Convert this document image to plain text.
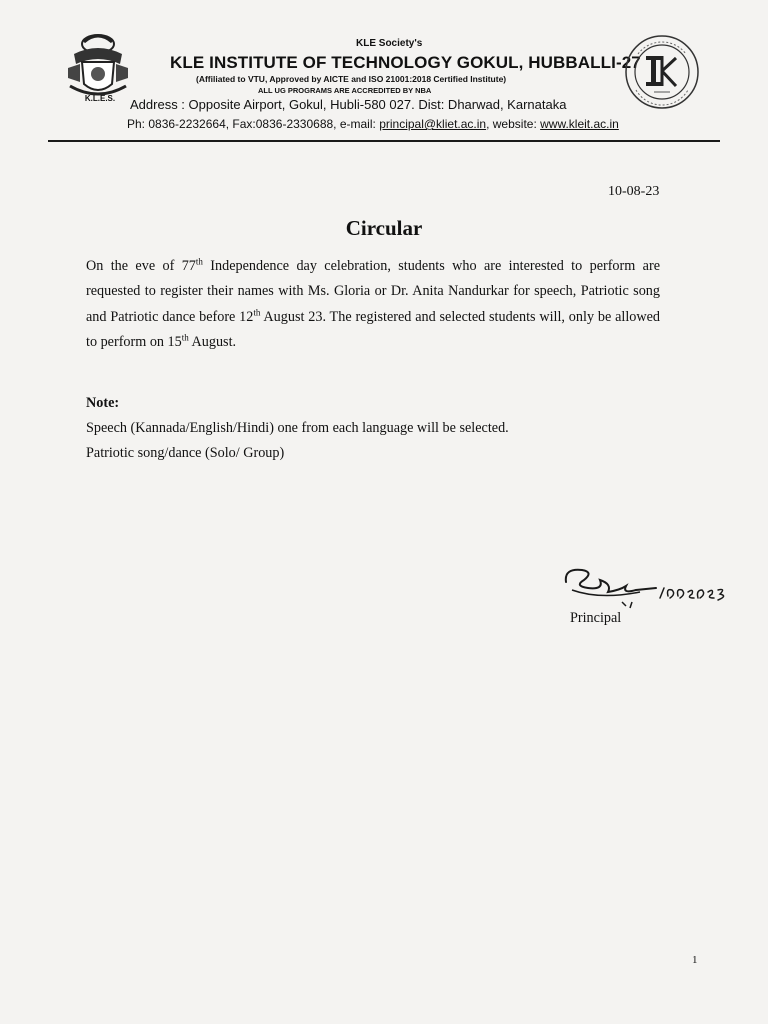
K.L.E.S.
KLE Society's
KLE INSTITUTE OF TECHNOLOGY GOKUL, HUBBALLI-27
(Affiliated to VTU, Approved by AICTE and ISO 21001:2018 Certified Institute)
ALL UG PROGRAMS ARE ACCREDITED BY NBA
Address : Opposite Airport, Gokul, Hubli-580 027. Dist: Dharwad, Karnataka
Ph: 0836-2232664, Fax:0836-2330688, e-mail: principal@kliet.ac.in, website: www.kleit.ac.in
10-08-23
Circular
On the eve of 77th Independence day celebration, students who are interested to perform are requested to register their names with Ms. Gloria or Dr. Anita Nandurkar for speech, Patriotic song and Patriotic dance before 12th August 23. The registered and selected students will, only be allowed to perform on 15th August.
Note:
Speech (Kannada/English/Hindi) one from each language will be selected.
Patriotic song/dance (Solo/ Group)
Principal
1
